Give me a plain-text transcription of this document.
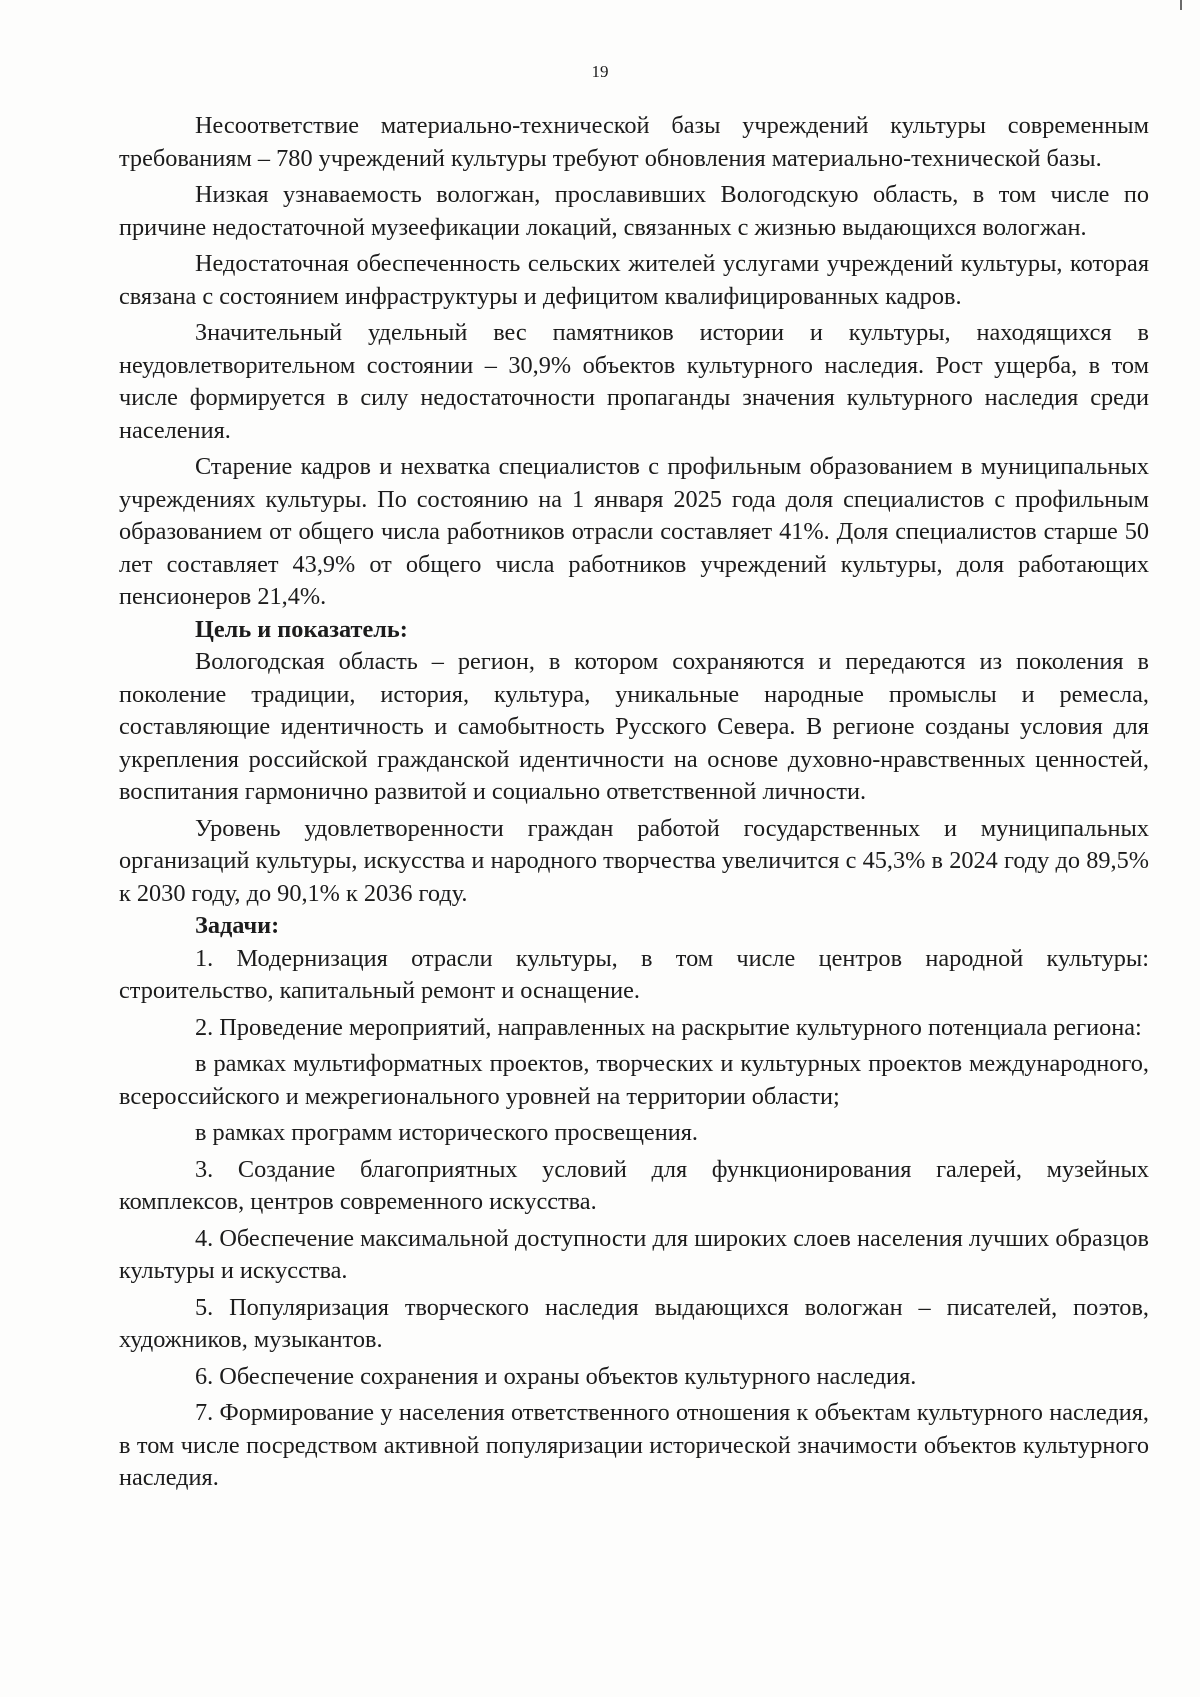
19

Несоответствие материально-технической базы учреждений культуры современным требованиям – 780 учреждений культуры требуют обновления материально-технической базы.

Низкая узнаваемость вологжан, прославивших Вологодскую область, в том числе по причине недостаточной музеефикации локаций, связанных с жизнью выдающихся вологжан.

Недостаточная обеспеченность сельских жителей услугами учреждений культуры, которая связана с состоянием инфраструктуры и дефицитом квалифицированных кадров.

Значительный удельный вес памятников истории и культуры, находящихся в неудовлетворительном состоянии – 30,9% объектов культурного наследия. Рост ущерба, в том числе формируется в силу недостаточности пропаганды значения культурного наследия среди населения.

Старение кадров и нехватка специалистов с профильным образованием в муниципальных учреждениях культуры. По состоянию на 1 января 2025 года доля специалистов с профильным образованием от общего числа работников отрасли составляет 41%. Доля специалистов старше 50 лет составляет 43,9% от общего числа работников учреждений культуры, доля работающих пенсионеров 21,4%.

Цель и показатель:

Вологодская область – регион, в котором сохраняются и передаются из поколения в поколение традиции, история, культура, уникальные народные промыслы и ремесла, составляющие идентичность и самобытность Русского Севера. В регионе созданы условия для укрепления российской гражданской идентичности на основе духовно-нравственных ценностей, воспитания гармонично развитой и социально ответственной личности.

Уровень удовлетворенности граждан работой государственных и муниципальных организаций культуры, искусства и народного творчества увеличится с 45,3% в 2024 году до 89,5% к 2030 году, до 90,1% к 2036 году.

Задачи:

1. Модернизация отрасли культуры, в том числе центров народной культуры: строительство, капитальный ремонт и оснащение.

2. Проведение мероприятий, направленных на раскрытие культурного потенциала региона:

в рамках мультиформатных проектов, творческих и культурных проектов международного, всероссийского и межрегионального уровней на территории области;

в рамках программ исторического просвещения.

3. Создание благоприятных условий для функционирования галерей, музейных комплексов, центров современного искусства.

4. Обеспечение максимальной доступности для широких слоев населения лучших образцов культуры и искусства.

5. Популяризация творческого наследия выдающихся вологжан – писателей, поэтов, художников, музыкантов.

6. Обеспечение сохранения и охраны объектов культурного наследия.

7. Формирование у населения ответственного отношения к объектам культурного наследия, в том числе посредством активной популяризации исторической значимости объектов культурного наследия.
